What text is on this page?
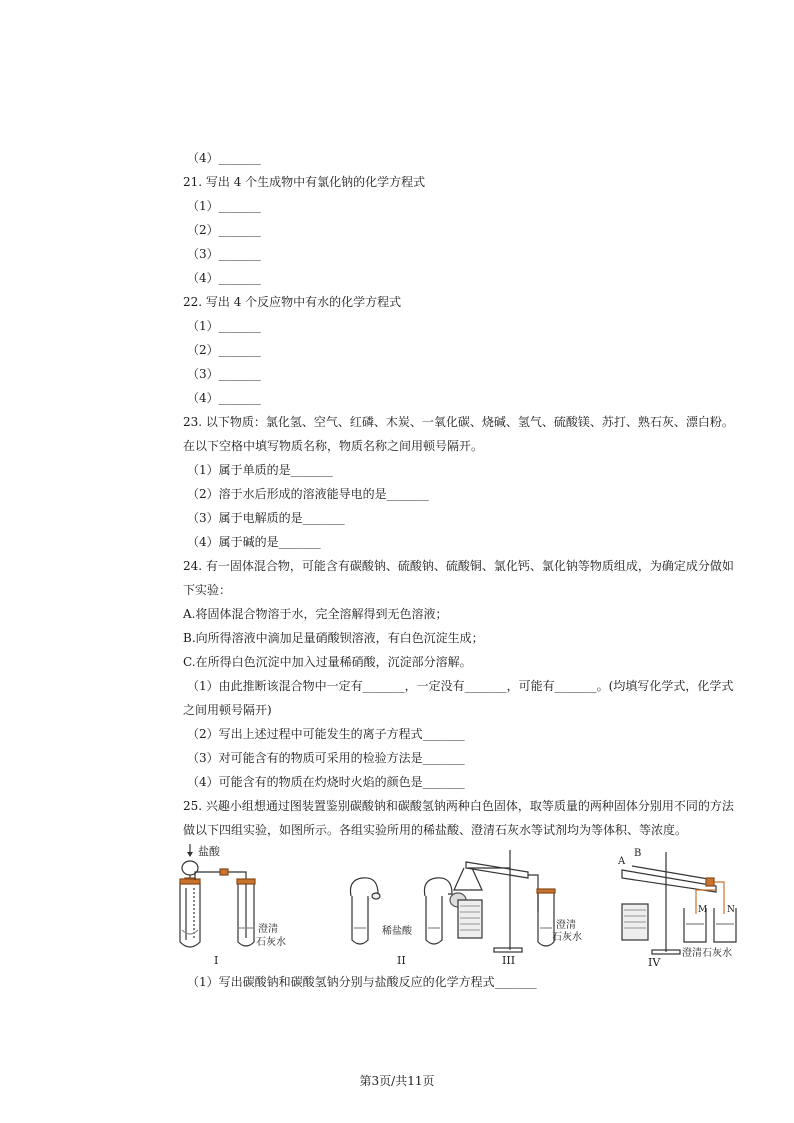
（4）_______
21. 写出 4 个生成物中有氯化钠的化学方程式
（1）_______
（2）_______
（3）_______
（4）_______
22. 写出 4 个反应物中有水的化学方程式
（1）_______
（2）_______
（3）_______
（4）_______
23. 以下物质：氯化氢、空气、红磷、木炭、一氧化碳、烧碱、氢气、硫酸镁、苏打、熟石灰、漂白粉。
在以下空格中填写物质名称，物质名称之间用顿号隔开。
（1）属于单质的是_______
（2）溶于水后形成的溶液能导电的是_______
（3）属于电解质的是_______
（4）属于碱的是_______
24. 有一固体混合物，可能含有碳酸钠、硫酸钠、硫酸铜、氯化钙、氯化钠等物质组成，为确定成分做如
下实验：
A.将固体混合物溶于水，完全溶解得到无色溶液；
B.向所得溶液中滴加足量硝酸钡溶液，有白色沉淀生成；
C.在所得白色沉淀中加入过量稀硝酸，沉淀部分溶解。
（1）由此推断该混合物中一定有_______，一定没有_______，可能有_______。(均填写化学式，化学式
之间用顿号隔开)
（2）写出上述过程中可能发生的离子方程式_______
（3）对可能含有的物质可采用的检验方法是_______
（4）可能含有的物质在灼烧时火焰的颜色是_______
25. 兴趣小组想通过图装置鉴别碳酸钠和碳酸氢钠两种白色固体，取等质量的两种固体分别用不同的方法
做以下四组实验，如图所示。各组实验所用的稀盐酸、澄清石灰水等试剂均为等体积、等浓度。
（1）写出碳酸钠和碳酸氢钠分别与盐酸反应的化学方程式_______
盐酸
澄清
石灰水
I
稀盐酸
II
澄清
石灰水
III
A
B
M N
澄清石灰水
IV
第3页/共11页
